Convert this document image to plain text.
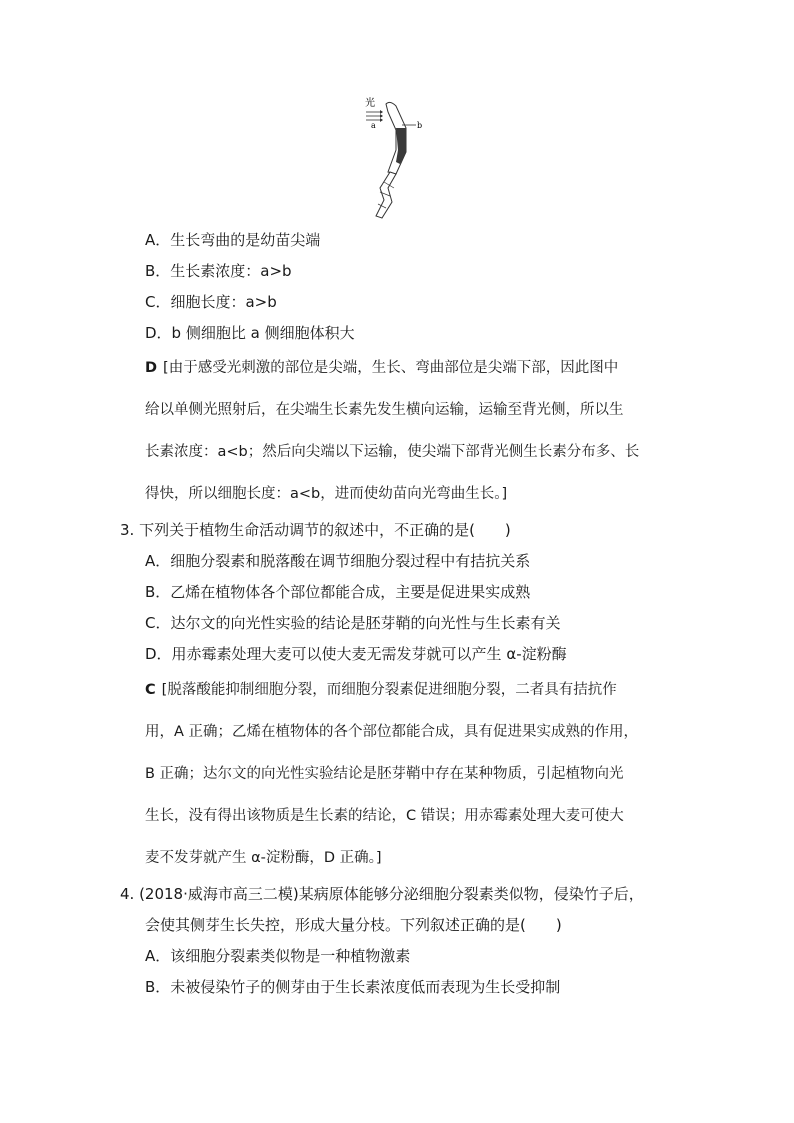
光
a	b
A．生长弯曲的是幼苗尖端
B．生长素浓度：a>b
C．细胞长度：a>b
D．b 侧细胞比 a 侧细胞体积大
D [由于感受光刺激的部位是尖端，生长、弯曲部位是尖端下部，因此图中
给以单侧光照射后，在尖端生长素先发生横向运输，运输至背光侧，所以生
长素浓度：a<b；然后向尖端以下运输，使尖端下部背光侧生长素分布多、长
得快，所以细胞长度：a<b，进而使幼苗向光弯曲生长。]
3. 下列关于植物生命活动调节的叙述中，不正确的是(　　)
A．细胞分裂素和脱落酸在调节细胞分裂过程中有拮抗关系
B．乙烯在植物体各个部位都能合成，主要是促进果实成熟
C．达尔文的向光性实验的结论是胚芽鞘的向光性与生长素有关
D．用赤霉素处理大麦可以使大麦无需发芽就可以产生 α-淀粉酶
C [脱落酸能抑制细胞分裂，而细胞分裂素促进细胞分裂，二者具有拮抗作
用，A 正确；乙烯在植物体的各个部位都能合成，具有促进果实成熟的作用，
B 正确；达尔文的向光性实验结论是胚芽鞘中存在某种物质，引起植物向光
生长，没有得出该物质是生长素的结论，C 错误；用赤霉素处理大麦可使大
麦不发芽就产生 α-淀粉酶，D 正确。]
4. (2018·威海市高三二模)某病原体能够分泌细胞分裂素类似物，侵染竹子后，
会使其侧芽生长失控，形成大量分枝。下列叙述正确的是(　　)
A．该细胞分裂素类似物是一种植物激素
B．未被侵染竹子的侧芽由于生长素浓度低而表现为生长受抑制
